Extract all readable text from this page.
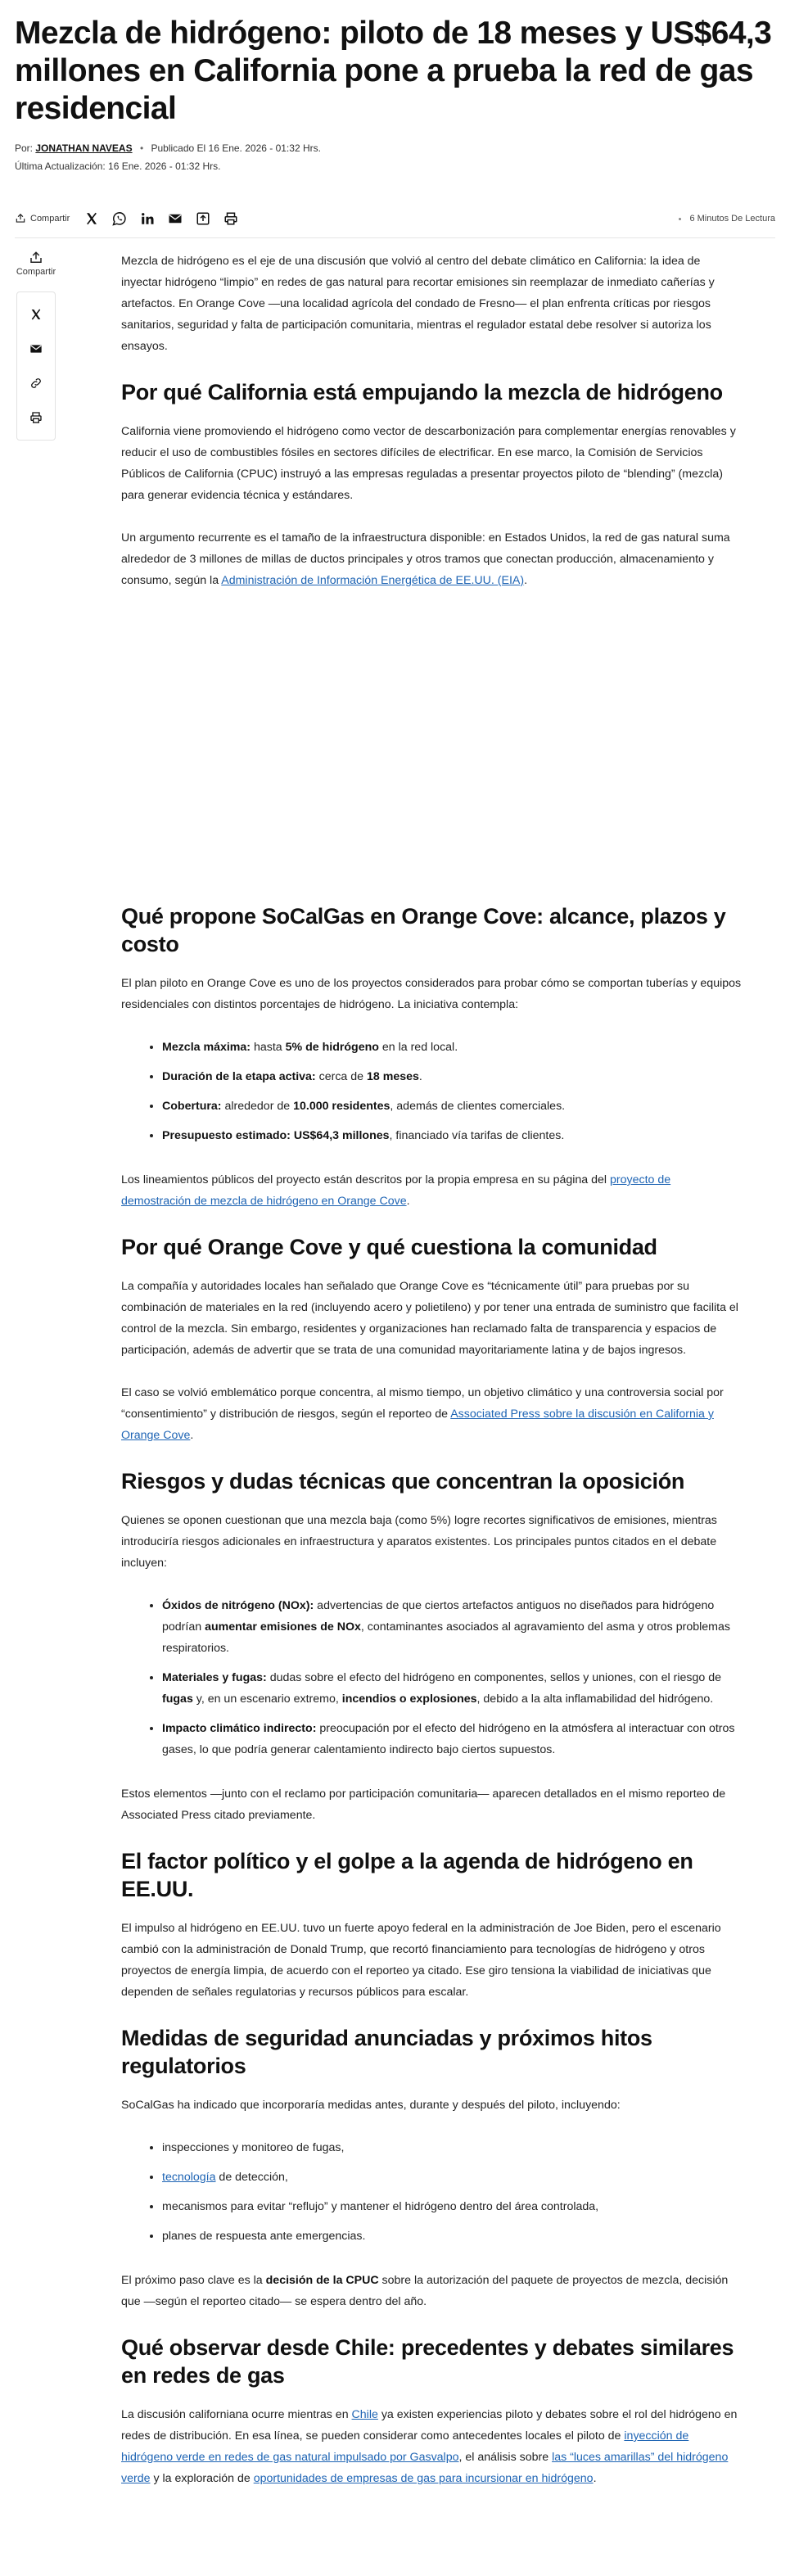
Mezcla de hidrógeno: piloto de 18 meses y US$64,3 millones en California pone a prueba la red de gas residencial
Por: JONATHAN NAVEAS • Publicado El 16 Ene. 2026 - 01:32 Hrs.
Última Actualización: 16 Ene. 2026 - 01:32 Hrs.
Compartir	6 Minutos De Lectura
Compartir

Mezcla de hidrógeno es el eje de una discusión que volvió al centro del debate climático en California: la idea de inyectar hidrógeno “limpio” en redes de gas natural para recortar emisiones sin reemplazar de inmediato cañerías y artefactos. En Orange Cove —una localidad agrícola del condado de Fresno— el plan enfrenta críticas por riesgos sanitarios, seguridad y falta de participación comunitaria, mientras el regulador estatal debe resolver si autoriza los ensayos.

Por qué California está empujando la mezcla de hidrógeno

California viene promoviendo el hidrógeno como vector de descarbonización para complementar energías renovables y reducir el uso de combustibles fósiles en sectores difíciles de electrificar. En ese marco, la Comisión de Servicios Públicos de California (CPUC) instruyó a las empresas reguladas a presentar proyectos piloto de “blending” (mezcla) para generar evidencia técnica y estándares.

Un argumento recurrente es el tamaño de la infraestructura disponible: en Estados Unidos, la red de gas natural suma alrededor de 3 millones de millas de ductos principales y otros tramos que conectan producción, almacenamiento y consumo, según la Administración de Información Energética de EE.UU. (EIA).

Qué propone SoCalGas en Orange Cove: alcance, plazos y costo

El plan piloto en Orange Cove es uno de los proyectos considerados para probar cómo se comportan tuberías y equipos residenciales con distintos porcentajes de hidrógeno. La iniciativa contempla:

• Mezcla máxima: hasta 5% de hidrógeno en la red local.
• Duración de la etapa activa: cerca de 18 meses.
• Cobertura: alrededor de 10.000 residentes, además de clientes comerciales.
• Presupuesto estimado: US$64,3 millones, financiado vía tarifas de clientes.

Los lineamientos públicos del proyecto están descritos por la propia empresa en su página del proyecto de demostración de mezcla de hidrógeno en Orange Cove.

Por qué Orange Cove y qué cuestiona la comunidad

La compañía y autoridades locales han señalado que Orange Cove es “técnicamente útil” para pruebas por su combinación de materiales en la red (incluyendo acero y polietileno) y por tener una entrada de suministro que facilita el control de la mezcla. Sin embargo, residentes y organizaciones han reclamado falta de transparencia y espacios de participación, además de advertir que se trata de una comunidad mayoritariamente latina y de bajos ingresos.

El caso se volvió emblemático porque concentra, al mismo tiempo, un objetivo climático y una controversia social por “consentimiento” y distribución de riesgos, según el reporteo de Associated Press sobre la discusión en California y Orange Cove.

Riesgos y dudas técnicas que concentran la oposición

Quienes se oponen cuestionan que una mezcla baja (como 5%) logre recortes significativos de emisiones, mientras introduciría riesgos adicionales en infraestructura y aparatos existentes. Los principales puntos citados en el debate incluyen:

• Óxidos de nitrógeno (NOx): advertencias de que ciertos artefactos antiguos no diseñados para hidrógeno podrían aumentar emisiones de NOx, contaminantes asociados al agravamiento del asma y otros problemas respiratorios.
• Materiales y fugas: dudas sobre el efecto del hidrógeno en componentes, sellos y uniones, con el riesgo de fugas y, en un escenario extremo, incendios o explosiones, debido a la alta inflamabilidad del hidrógeno.
• Impacto climático indirecto: preocupación por el efecto del hidrógeno en la atmósfera al interactuar con otros gases, lo que podría generar calentamiento indirecto bajo ciertos supuestos.

Estos elementos —junto con el reclamo por participación comunitaria— aparecen detallados en el mismo reporteo de Associated Press citado previamente.

El factor político y el golpe a la agenda de hidrógeno en EE.UU.

El impulso al hidrógeno en EE.UU. tuvo un fuerte apoyo federal en la administración de Joe Biden, pero el escenario cambió con la administración de Donald Trump, que recortó financiamiento para tecnologías de hidrógeno y otros proyectos de energía limpia, de acuerdo con el reporteo ya citado. Ese giro tensiona la viabilidad de iniciativas que dependen de señales regulatorias y recursos públicos para escalar.

Medidas de seguridad anunciadas y próximos hitos regulatorios

SoCalGas ha indicado que incorporaría medidas antes, durante y después del piloto, incluyendo:

• inspecciones y monitoreo de fugas,
• tecnología de detección,
• mecanismos para evitar “reflujo” y mantener el hidrógeno dentro del área controlada,
• planes de respuesta ante emergencias.

El próximo paso clave es la decisión de la CPUC sobre la autorización del paquete de proyectos de mezcla, decisión que —según el reporteo citado— se espera dentro del año.

Qué observar desde Chile: precedentes y debates similares en redes de gas

La discusión californiana ocurre mientras en Chile ya existen experiencias piloto y debates sobre el rol del hidrógeno en redes de distribución. En esa línea, se pueden considerar como antecedentes locales el piloto de inyección de hidrógeno verde en redes de gas natural impulsado por Gasvalpo, el análisis sobre las “luces amarillas” del hidrógeno verde y la exploración de oportunidades de empresas de gas para incursionar en hidrógeno.
